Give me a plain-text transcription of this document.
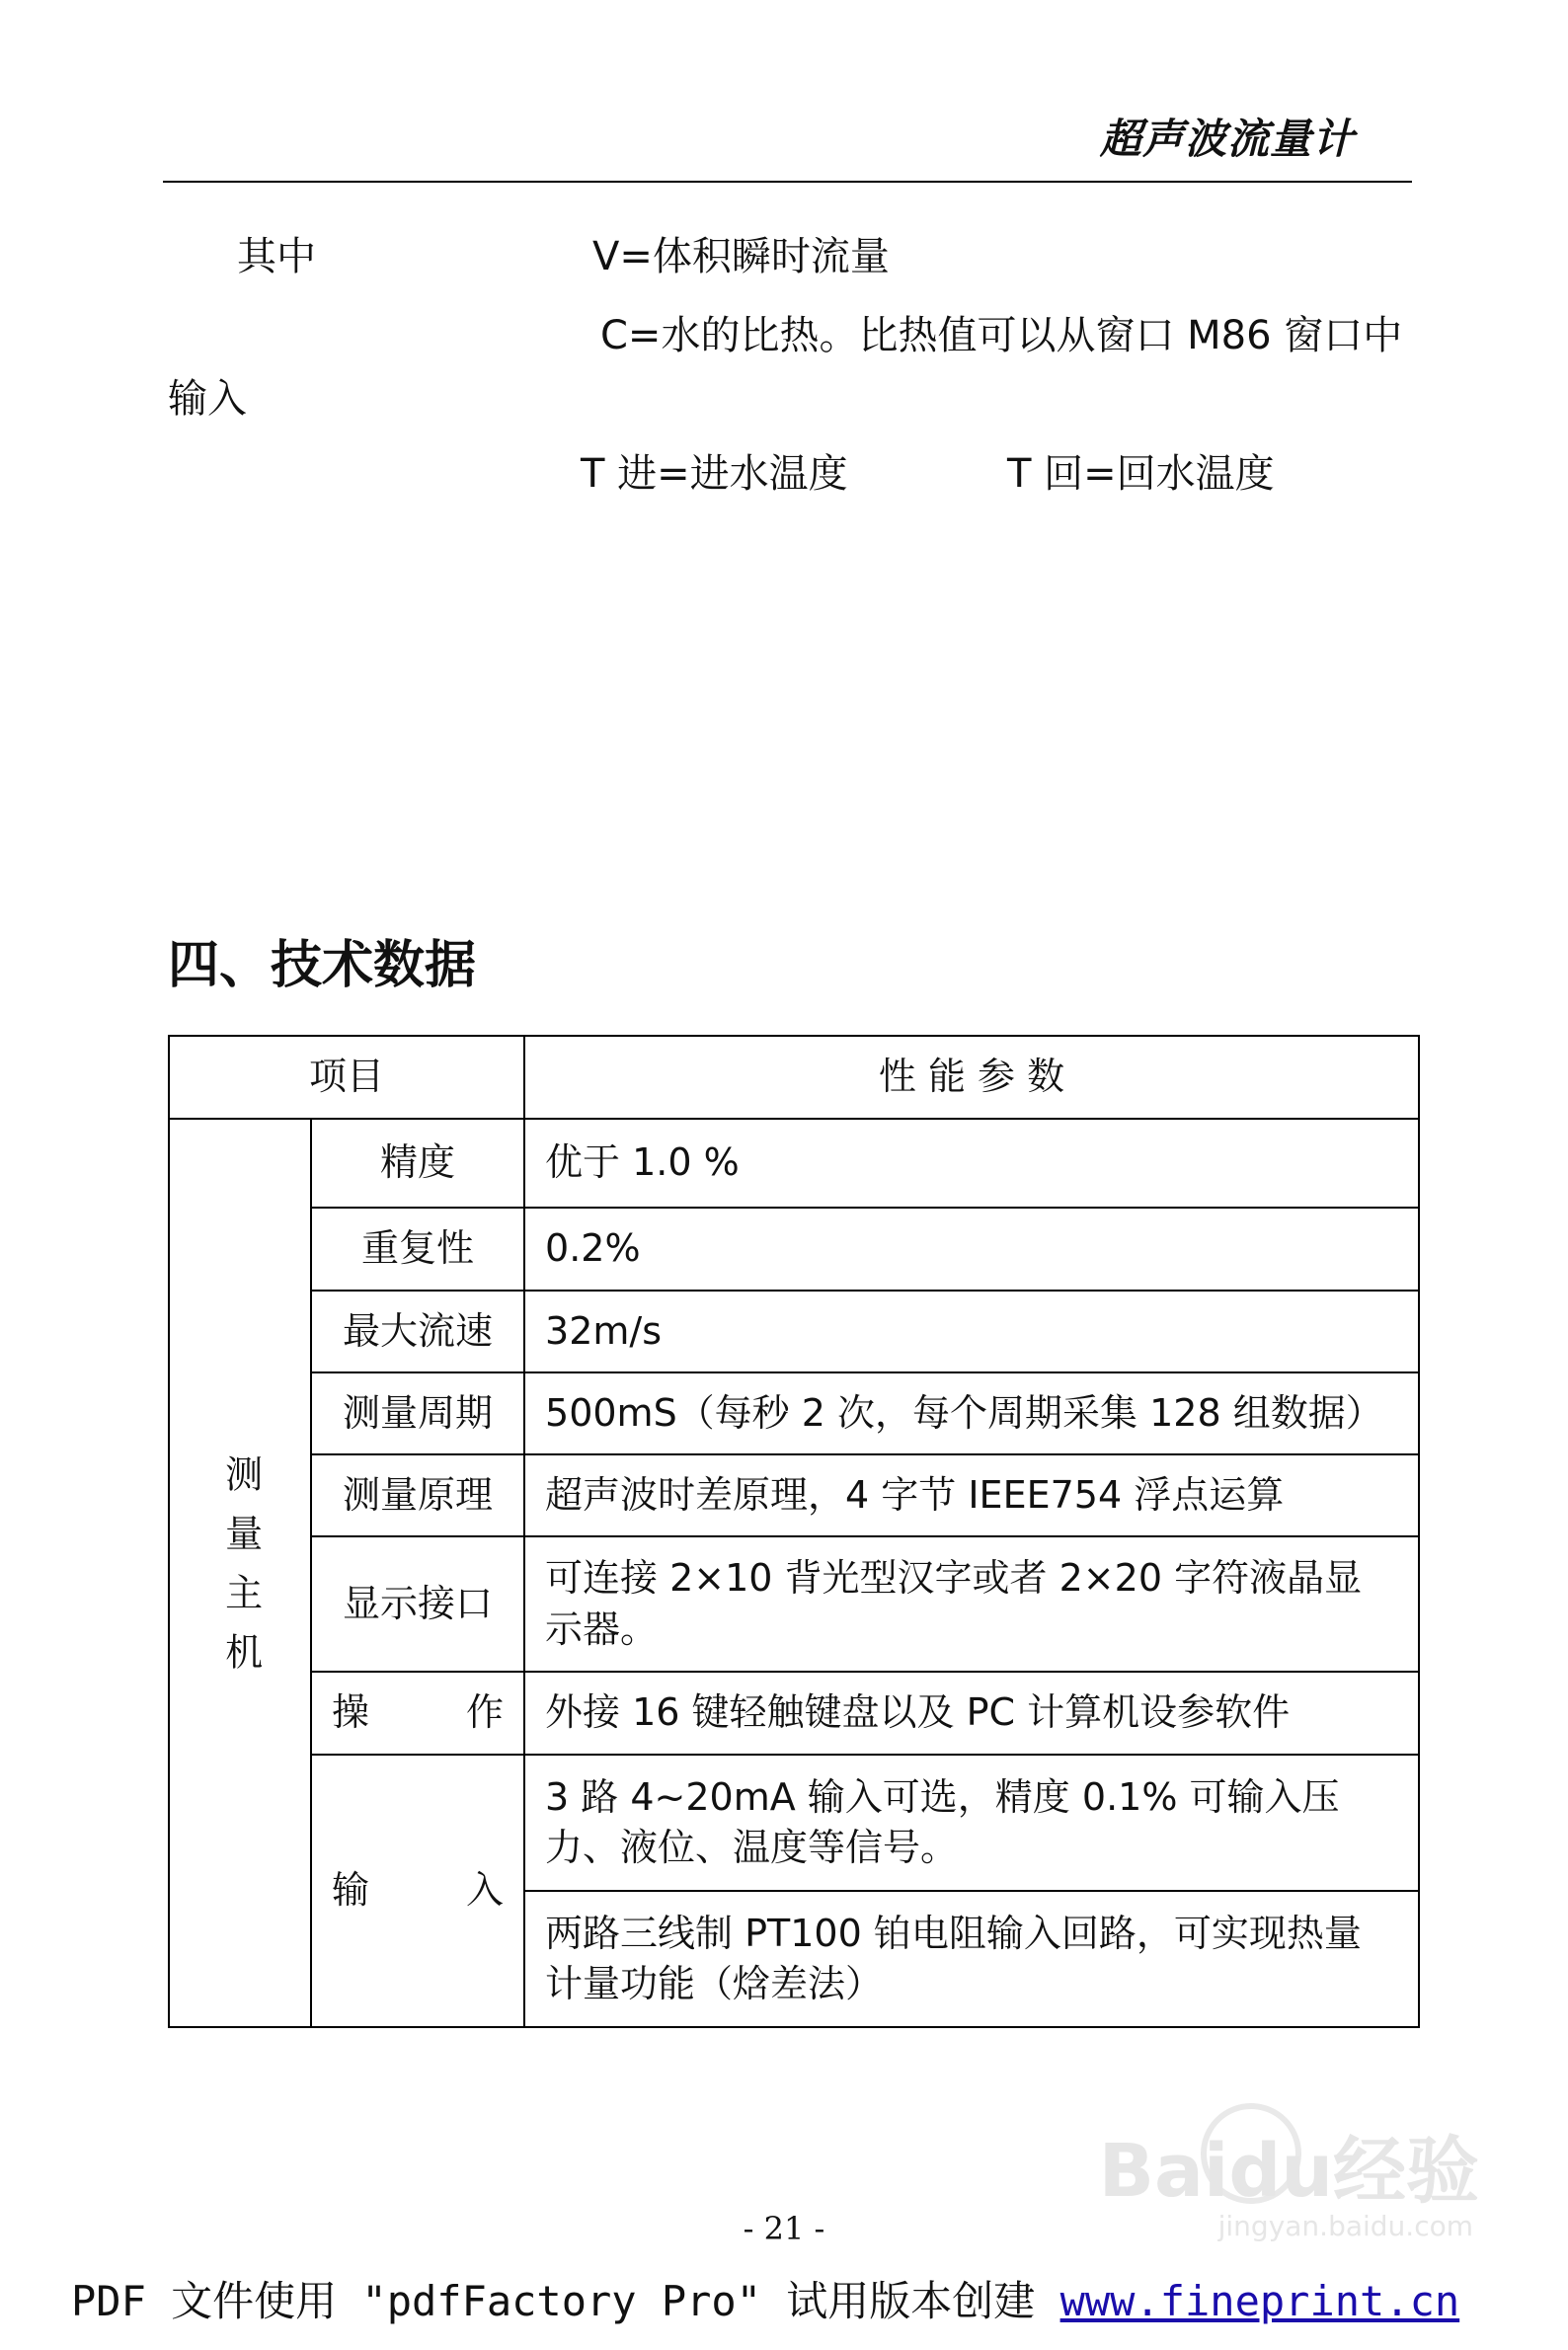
超声波流量计
其中	V=体积瞬时流量
C=水的比热。比热值可以从窗口 M86 窗口中
输入
T 进=进水温度	T 回=回水温度
四、技术数据
项目		性 能 参 数
测量主机	精度	优于 1.0 %
	重复性	0.2%
	最大流速	32m/s
	测量周期	500mS（每秒 2 次，每个周期采集 128 组数据）
	测量原理	超声波时差原理，4 字节 IEEE754 浮点运算
	显示接口	可连接 2×10 背光型汉字或者 2×20 字符液晶显示器。
	操 作	外接 16 键轻触键盘以及 PC 计算机设参软件
	输 入	3 路 4~20mA 输入可选，精度 0.1% 可输入压力、液位、温度等信号。
		两路三线制 PT100 铂电阻输入回路，可实现热量计量功能（焓差法）
Baidu经验
jingyan.baidu.com
- 21 -
PDF 文件使用 "pdfFactory Pro" 试用版本创建 www.fineprint.cn
